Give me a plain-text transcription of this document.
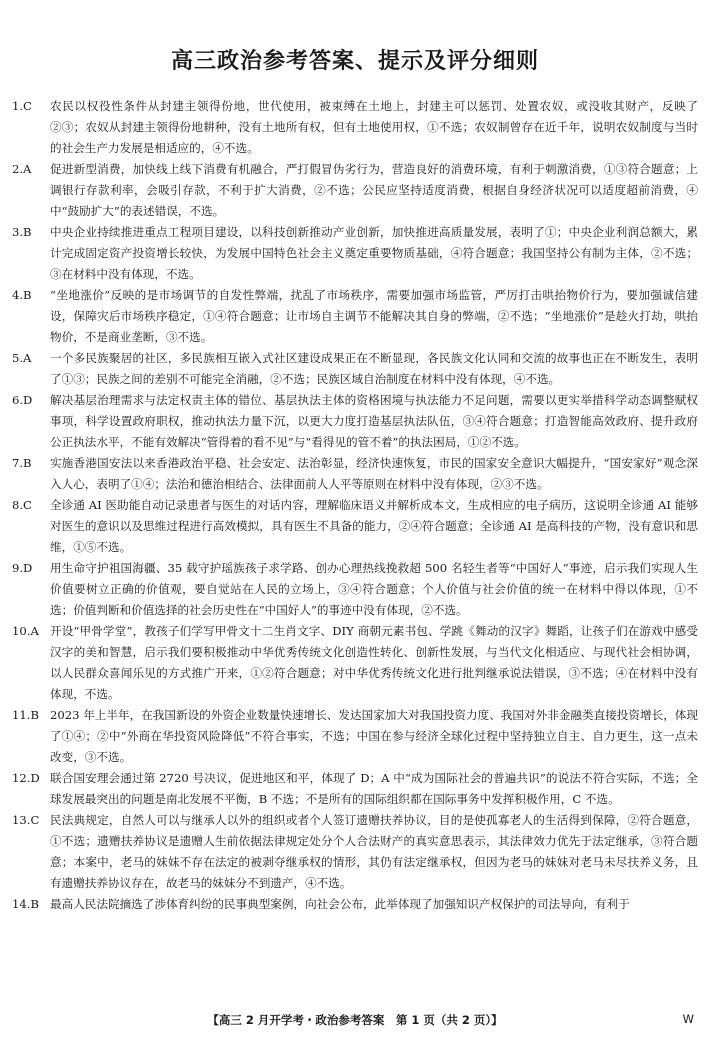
高三政治参考答案、提示及评分细则
1.C	农民以权役性条件从封建主领得份地，世代使用，被束缚在土地上，封建主可以惩罚、处置农奴，或没收其财产，反映了②③；农奴从封建主领得份地耕种，没有土地所有权，但有土地使用权，①不选；农奴制曾存在近千年，说明农奴制度与当时的社会生产力发展是相适应的，④不选。
2.A	促进新型消费，加快线上线下消费有机融合，严打假冒伪劣行为，营造良好的消费环境，有利于刺激消费，①③符合题意；上调银行存款利率，会吸引存款，不利于扩大消费，②不选；公民应坚持适度消费，根据自身经济状况可以适度超前消费，④中“鼓励扩大”的表述错误，不选。
3.B	中央企业持续推进重点工程项目建设，以科技创新推动产业创新，加快推进高质量发展，表明了①；中央企业利润总额大，累计完成固定资产投资增长较快，为发展中国特色社会主义奠定重要物质基础，④符合题意；我国坚持公有制为主体，②不选；③在材料中没有体现，不选。
4.B	“坐地涨价”反映的是市场调节的自发性弊端，扰乱了市场秩序，需要加强市场监管，严厉打击哄抬物价行为，要加强诚信建设，保障灾后市场秩序稳定，①④符合题意；让市场自主调节不能解决其自身的弊端，②不选；“坐地涨价”是趁火打劫，哄抬物价，不是商业垄断，③不选。
5.A	一个多民族聚居的社区，多民族相互嵌入式社区建设成果正在不断显现，各民族文化认同和交流的故事也正在不断发生，表明了①③；民族之间的差别不可能完全消融，②不选；民族区域自治制度在材料中没有体现，④不选。
6.D	解决基层治理需求与法定权责主体的错位、基层执法主体的资格困境与执法能力不足问题，需要以更实举措科学动态调整赋权事项，科学设置政府职权，推动执法力量下沉，以更大力度打造基层执法队伍，③④符合题意；打造智能高效政府、提升政府公正执法水平，不能有效解决“管得着的看不见”与“看得见的管不着”的执法困局，①②不选。
7.B	实施香港国安法以来香港政治平稳、社会安定、法治彰显，经济快速恢复，市民的国家安全意识大幅提升，“国安家好”观念深入人心，表明了①④；法治和德治相结合、法律面前人人平等原则在材料中没有体现，②③不选。
8.C	全诊通 AI 医助能自动记录患者与医生的对话内容，理解临床语义并解析成本文，生成相应的电子病历，这说明全诊通 AI 能够对医生的意识以及思维过程进行高效模拟，具有医生不具备的能力，②④符合题意；全诊通 AI 是高科技的产物，没有意识和思维，①⑤不选。
9.D	用生命守护祖国海疆、35 载守护瑶族孩子求学路、创办心理热线挽救超 500 名轻生者等“中国好人”事迹，启示我们实现人生价值要树立正确的价值观，要自觉站在人民的立场上，③④符合题意；个人价值与社会价值的统一在材料中得以体现，①不选；价值判断和价值选择的社会历史性在“中国好人”的事迹中没有体现，②不选。
10.A 开设“甲骨学堂”，教孩子们学写甲骨文十二生肖文字、DIY 商朝元素书包、学跳《舞动的汉字》舞蹈，让孩子们在游戏中感受汉字的美和智慧，启示我们要积极推动中华优秀传统文化创造性转化、创新性发展，与当代文化相适应、与现代社会相协调，以人民群众喜闻乐见的方式推广开来，①②符合题意；对中华优秀传统文化进行批判继承说法错误，③不选；④在材料中没有体现，不选。
11.B 2023 年上半年，在我国新设的外资企业数量快速增长、发达国家加大对我国投资力度、我国对外非金融类直接投资增长，体现了①④；②中“外商在华投资风险降低”不符合事实，不选；中国在参与经济全球化过程中坚持独立自主、自力更生，这一点未改变，③不选。
12.D 联合国安理会通过第 2720 号决议，促进地区和平，体现了 D；A 中“成为国际社会的普遍共识”的说法不符合实际，不选；全球发展最突出的问题是南北发展不平衡，B 不选；不是所有的国际组织都在国际事务中发挥积极作用，C 不选。
13.C 民法典规定，自然人可以与继承人以外的组织或者个人签订遗赠扶养协议，目的是使孤寡老人的生活得到保障，②符合题意，①不选；遗赠扶养协议是遗赠人生前依据法律规定处分个人合法财产的真实意思表示，其法律效力优先于法定继承，③符合题意；本案中，老马的妹妹不存在法定的被剥夺继承权的情形，其仍有法定继承权，但因为老马的妹妹对老马未尽扶养义务，且有遗赠扶养协议存在，故老马的妹妹分不到遗产，④不选。
14.B 最高人民法院摘选了涉体育纠纷的民事典型案例，向社会公布，此举体现了加强知识产权保护的司法导向，有利于
【高三 2 月开学考・政治参考答案　第 1 页（共 2 页）】	W
